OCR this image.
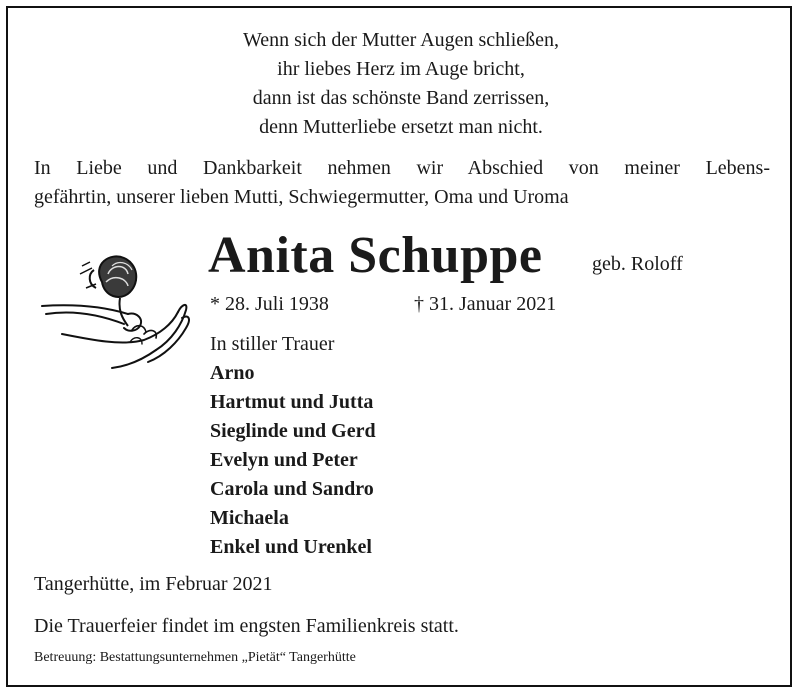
Wenn sich der Mutter Augen schließen,
ihr liebes Herz im Auge bricht,
dann ist das schönste Band zerrissen,
denn Mutterliebe ersetzt man nicht.
In Liebe und Dankbarkeit nehmen wir Abschied von meiner Lebens-
gefährtin, unserer lieben Mutti, Schwiegermutter, Oma und Uroma
Anita Schuppe geb. Roloff
* 28. Juli 1938	† 31. Januar 2021
In stiller Trauer
Arno
Hartmut und Jutta
Sieglinde und Gerd
Evelyn und Peter
Carola und Sandro
Michaela
Enkel und Urenkel
Tangerhütte, im Februar 2021
Die Trauerfeier findet im engsten Familienkreis statt.
Betreuung: Bestattungsunternehmen „Pietät“ Tangerhütte
